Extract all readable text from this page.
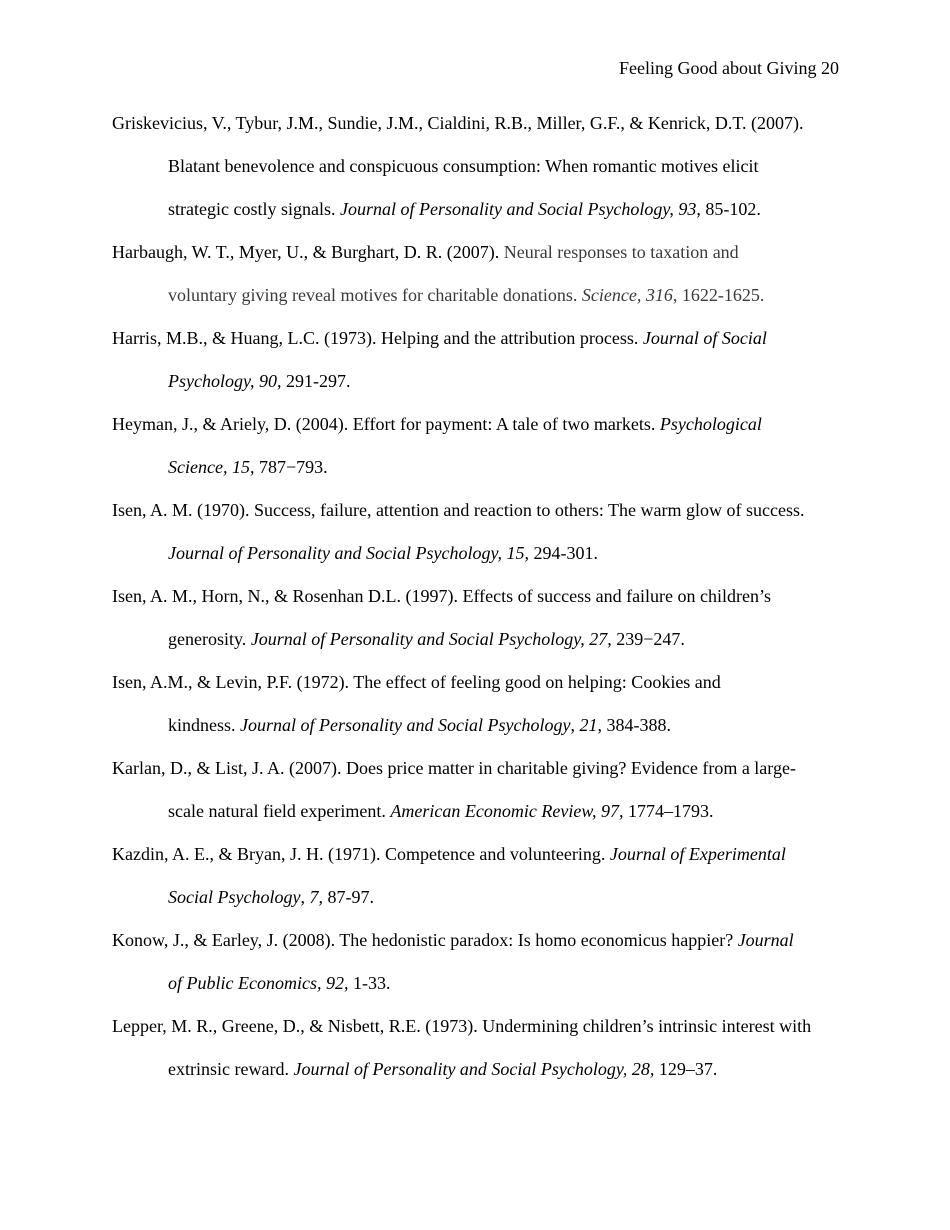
Feeling Good about Giving 20
Griskevicius, V., Tybur, J.M., Sundie, J.M., Cialdini, R.B., Miller, G.F., & Kenrick, D.T. (2007).
Blatant benevolence and conspicuous consumption: When romantic motives elicit
strategic costly signals. Journal of Personality and Social Psychology, 93, 85-102.
Harbaugh, W. T., Myer, U., & Burghart, D. R. (2007). Neural responses to taxation and
voluntary giving reveal motives for charitable donations. Science, 316, 1622-1625.
Harris, M.B., & Huang, L.C. (1973). Helping and the attribution process. Journal of Social
Psychology, 90, 291-297.
Heyman, J., & Ariely, D. (2004). Effort for payment: A tale of two markets. Psychological
Science, 15, 787−793.
Isen, A. M. (1970). Success, failure, attention and reaction to others: The warm glow of success.
Journal of Personality and Social Psychology, 15, 294-301.
Isen, A. M., Horn, N., & Rosenhan D.L. (1997). Effects of success and failure on children’s
generosity. Journal of Personality and Social Psychology, 27, 239−247.
Isen, A.M., & Levin, P.F. (1972). The effect of feeling good on helping: Cookies and
kindness. Journal of Personality and Social Psychology, 21, 384-388.
Karlan, D., & List, J. A. (2007). Does price matter in charitable giving? Evidence from a large-
scale natural field experiment. American Economic Review, 97, 1774–1793.
Kazdin, A. E., & Bryan, J. H. (1971). Competence and volunteering. Journal of Experimental
Social Psychology, 7, 87-97.
Konow, J., & Earley, J. (2008). The hedonistic paradox: Is homo economicus happier? Journal
of Public Economics, 92, 1-33.
Lepper, M. R., Greene, D., & Nisbett, R.E. (1973). Undermining children’s intrinsic interest with
extrinsic reward. Journal of Personality and Social Psychology, 28, 129–37.
